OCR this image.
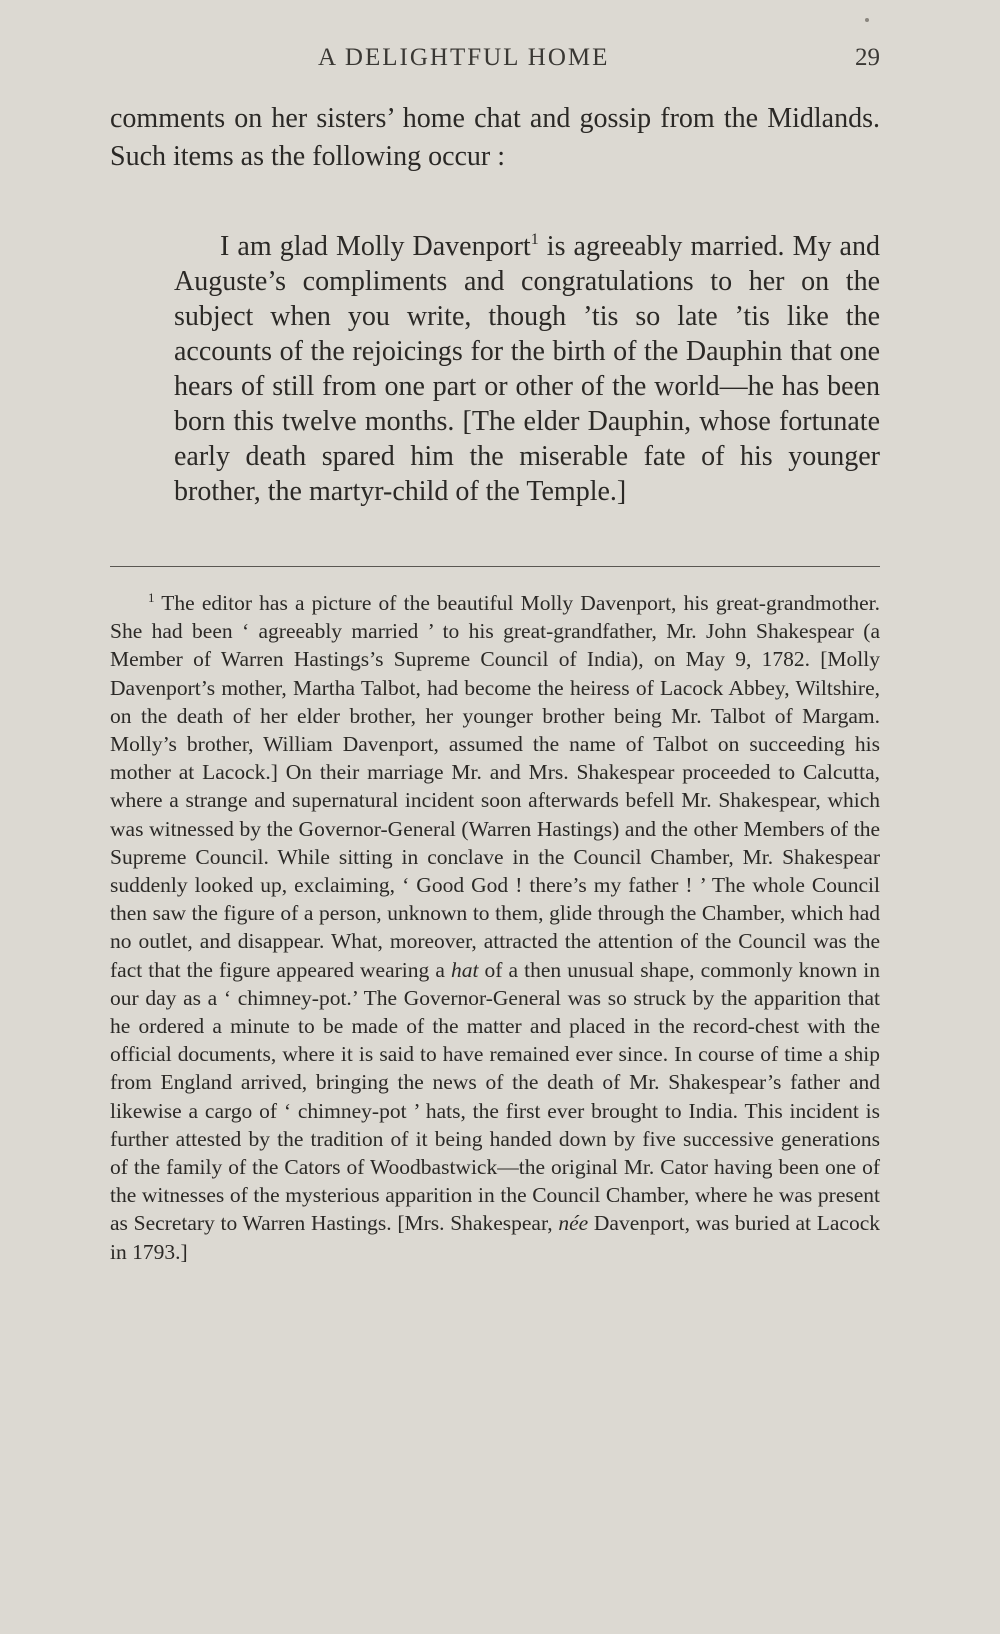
A DELIGHTFUL HOME	29

comments on her sisters’ home chat and gossip from the Midlands. Such items as the following occur :

I am glad Molly Davenport$^1$ is agreeably married. My and Auguste’s compliments and congratulations to her on the subject when you write, though ’tis so late ’tis like the accounts of the rejoicings for the birth of the Dauphin that one hears of still from one part or other of the world—he has been born this twelve months. [The elder Dauphin, whose fortunate early death spared him the miserable fate of his younger brother, the martyr-child of the Temple.]

$^1$ The editor has a picture of the beautiful Molly Davenport, his great-grandmother. She had been ‘ agreeably married ’ to his great-grandfather, Mr. John Shakespear (a Member of Warren Hastings’s Supreme Council of India), on May 9, 1782. [Molly Davenport’s mother, Martha Talbot, had become the heiress of Lacock Abbey, Wiltshire, on the death of her elder brother, her younger brother being Mr. Talbot of Margam. Molly’s brother, William Davenport, assumed the name of Talbot on succeeding his mother at Lacock.] On their marriage Mr. and Mrs. Shakespear proceeded to Calcutta, where a strange and supernatural incident soon afterwards befell Mr. Shakespear, which was witnessed by the Governor-General (Warren Hastings) and the other Members of the Supreme Council. While sitting in conclave in the Council Chamber, Mr. Shakespear suddenly looked up, exclaiming, ‘ Good God ! there’s my father ! ’ The whole Council then saw the figure of a person, unknown to them, glide through the Chamber, which had no outlet, and disappear. What, moreover, attracted the attention of the Council was the fact that the figure appeared wearing a hat of a then unusual shape, commonly known in our day as a ‘ chimney-pot.’ The Governor-General was so struck by the apparition that he ordered a minute to be made of the matter and placed in the record-chest with the official documents, where it is said to have remained ever since. In course of time a ship from England arrived, bringing the news of the death of Mr. Shakespear’s father and likewise a cargo of ‘ chimney-pot ’ hats, the first ever brought to India. This incident is further attested by the tradition of it being handed down by five successive generations of the family of the Cators of Woodbastwick—the original Mr. Cator having been one of the witnesses of the mysterious apparition in the Council Chamber, where he was present as Secretary to Warren Hastings. [Mrs. Shakespear, née Davenport, was buried at Lacock in 1793.]
